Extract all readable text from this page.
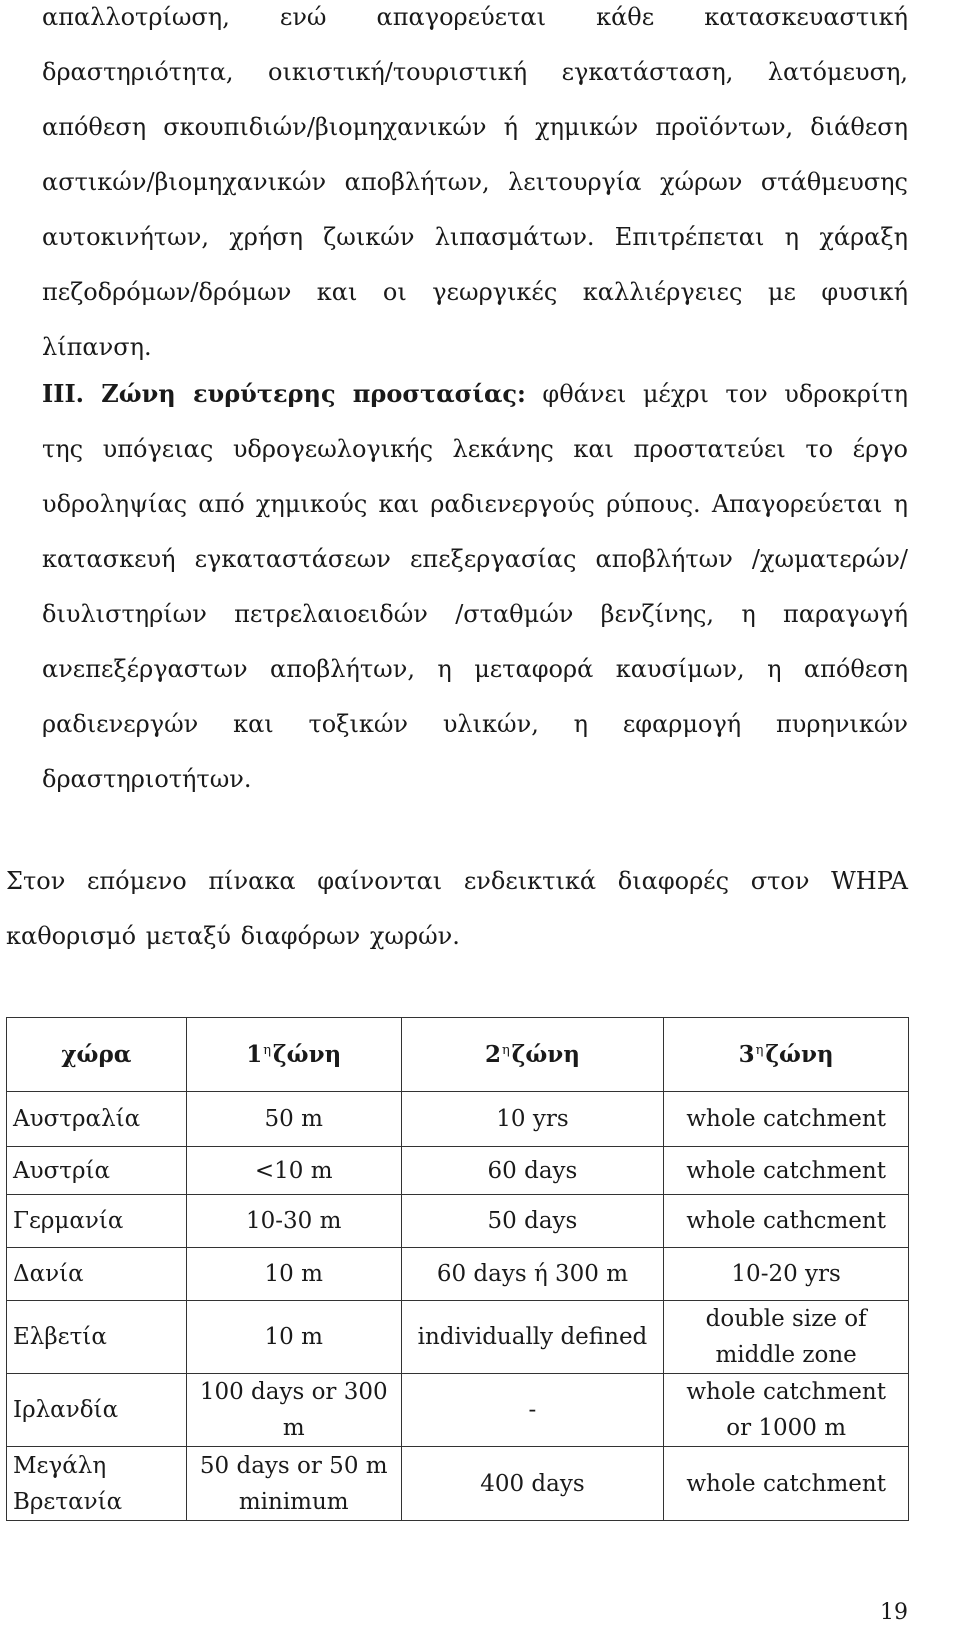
απαλλοτρίωση, ενώ απαγορεύεται κάθε κατασκευαστική δραστηριότητα, οικιστική/τουριστική εγκατάσταση, λατόμευση, απόθεση σκουπιδιών/βιομηχανικών ή χημικών προϊόντων, διάθεση αστικών/βιομηχανικών αποβλήτων, λειτουργία χώρων στάθμευσης αυτοκινήτων, χρήση ζωικών λιπασμάτων. Επιτρέπεται η χάραξη πεζοδρόμων/δρόμων και οι γεωργικές καλλιέργειες με φυσική λίπανση.

ΙΙΙ. Ζώνη ευρύτερης προστασίας: φθάνει μέχρι τον υδροκρίτη της υπόγειας υδρογεωλογικής λεκάνης και προστατεύει το έργο υδροληψίας από χημικούς και ραδιενεργούς ρύπους. Απαγορεύεται η κατασκευή εγκαταστάσεων επεξεργασίας αποβλήτων /χωματερών/ διυλιστηρίων πετρελαιοειδών /σταθμών βενζίνης, η παραγωγή ανεπεξέργαστων αποβλήτων, η μεταφορά καυσίμων, η απόθεση ραδιενεργών και τοξικών υλικών, η εφαρμογή πυρηνικών δραστηριοτήτων.

Στον επόμενο πίνακα φαίνονται ενδεικτικά διαφορές στον WHPA καθορισμό μεταξύ διαφόρων χωρών.

χώρα	$1^\eta\zeta ώ\nu\eta$	$2^\eta\zeta ώ\nu\eta$	$3^\eta\zeta ώ\nu\eta$
Αυστραλία	50 m	10 yrs	whole catchment
Αυστρία	<10 m	60 days	whole catchment
Γερμανία	10-30 m	50 days	whole cathcment
Δανία	10 m	60 days ή 300 m	10-20 yrs
Ελβετία	10 m	individually defined	double size of middle zone
Ιρλανδία	100 days or 300 m	-	whole catchment or 1000 m
Μεγάλη Βρετανία	50 days or 50 m minimum	400 days	whole catchment
19
